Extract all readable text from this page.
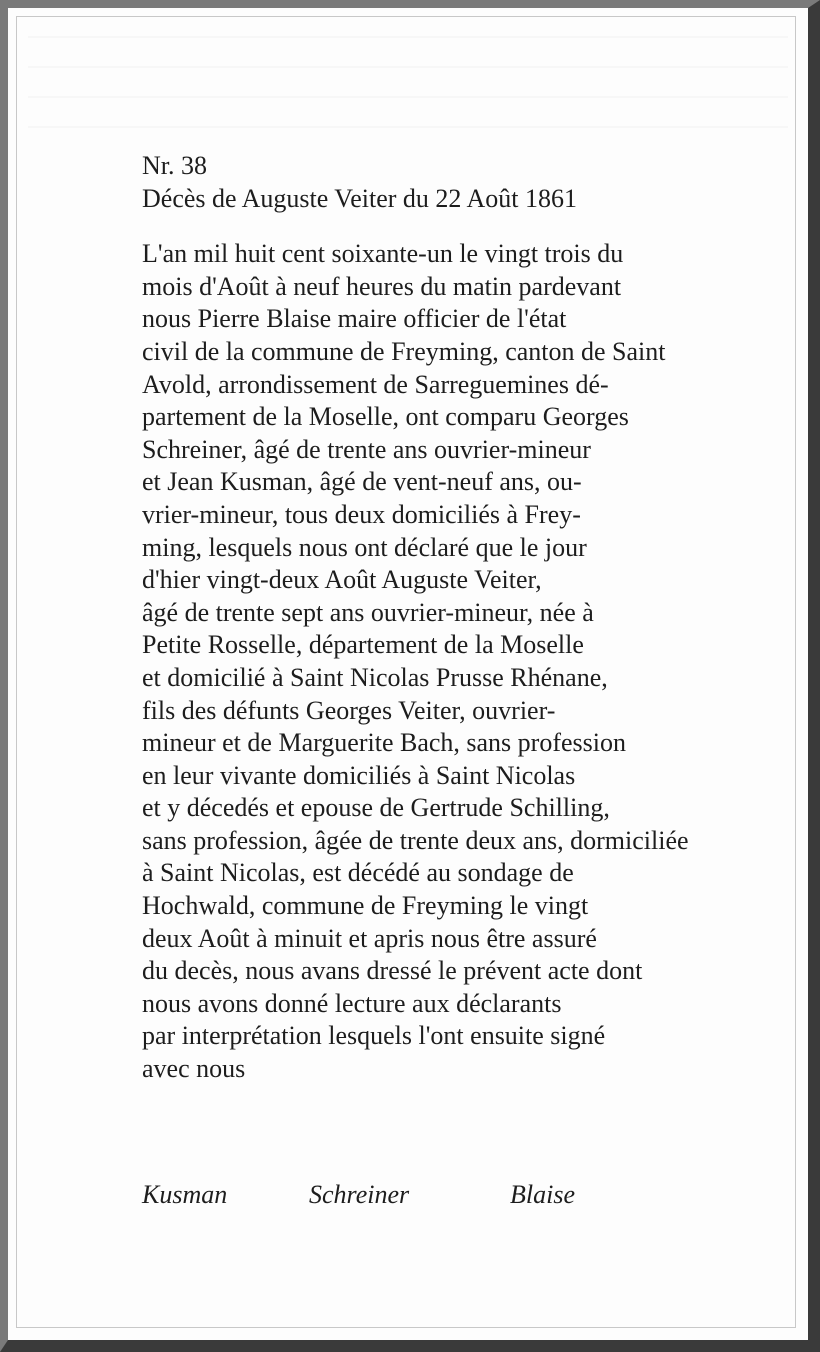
Nr. 38
Décès de Auguste Veiter du 22 Août 1861
L'an mil huit cent soixante-un le vingt trois du
mois d'Août à neuf heures du matin pardevant
nous Pierre Blaise maire officier de l'état
civil de la commune de Freyming, canton de Saint
Avold, arrondissement de Sarreguemines dé-
partement de la Moselle, ont comparu Georges
Schreiner, âgé de trente ans ouvrier-mineur
et Jean Kusman, âgé de vent-neuf ans, ou-
vrier-mineur, tous deux domiciliés à Frey-
ming, lesquels nous ont déclaré que le jour
d'hier vingt-deux Août Auguste Veiter,
âgé de trente sept ans ouvrier-mineur, née à
Petite Rosselle, département de la Moselle
et domicilié à Saint Nicolas Prusse Rhénane,
fils des défunts Georges Veiter, ouvrier-
mineur et de Marguerite Bach, sans profession
en leur vivante domiciliés à Saint Nicolas
et y décedés et epouse de Gertrude Schilling,
sans profession, âgée de trente deux ans, dormiciliée
à Saint Nicolas, est décédé au sondage de
Hochwald, commune de Freyming le vingt
deux Août à minuit et apris nous être assuré
du decès, nous avans dressé le prévent acte dont
nous avons donné lecture aux déclarants
par interprétation lesquels l'ont ensuite signé
avec nous
Kusman	Schreiner	Blaise
